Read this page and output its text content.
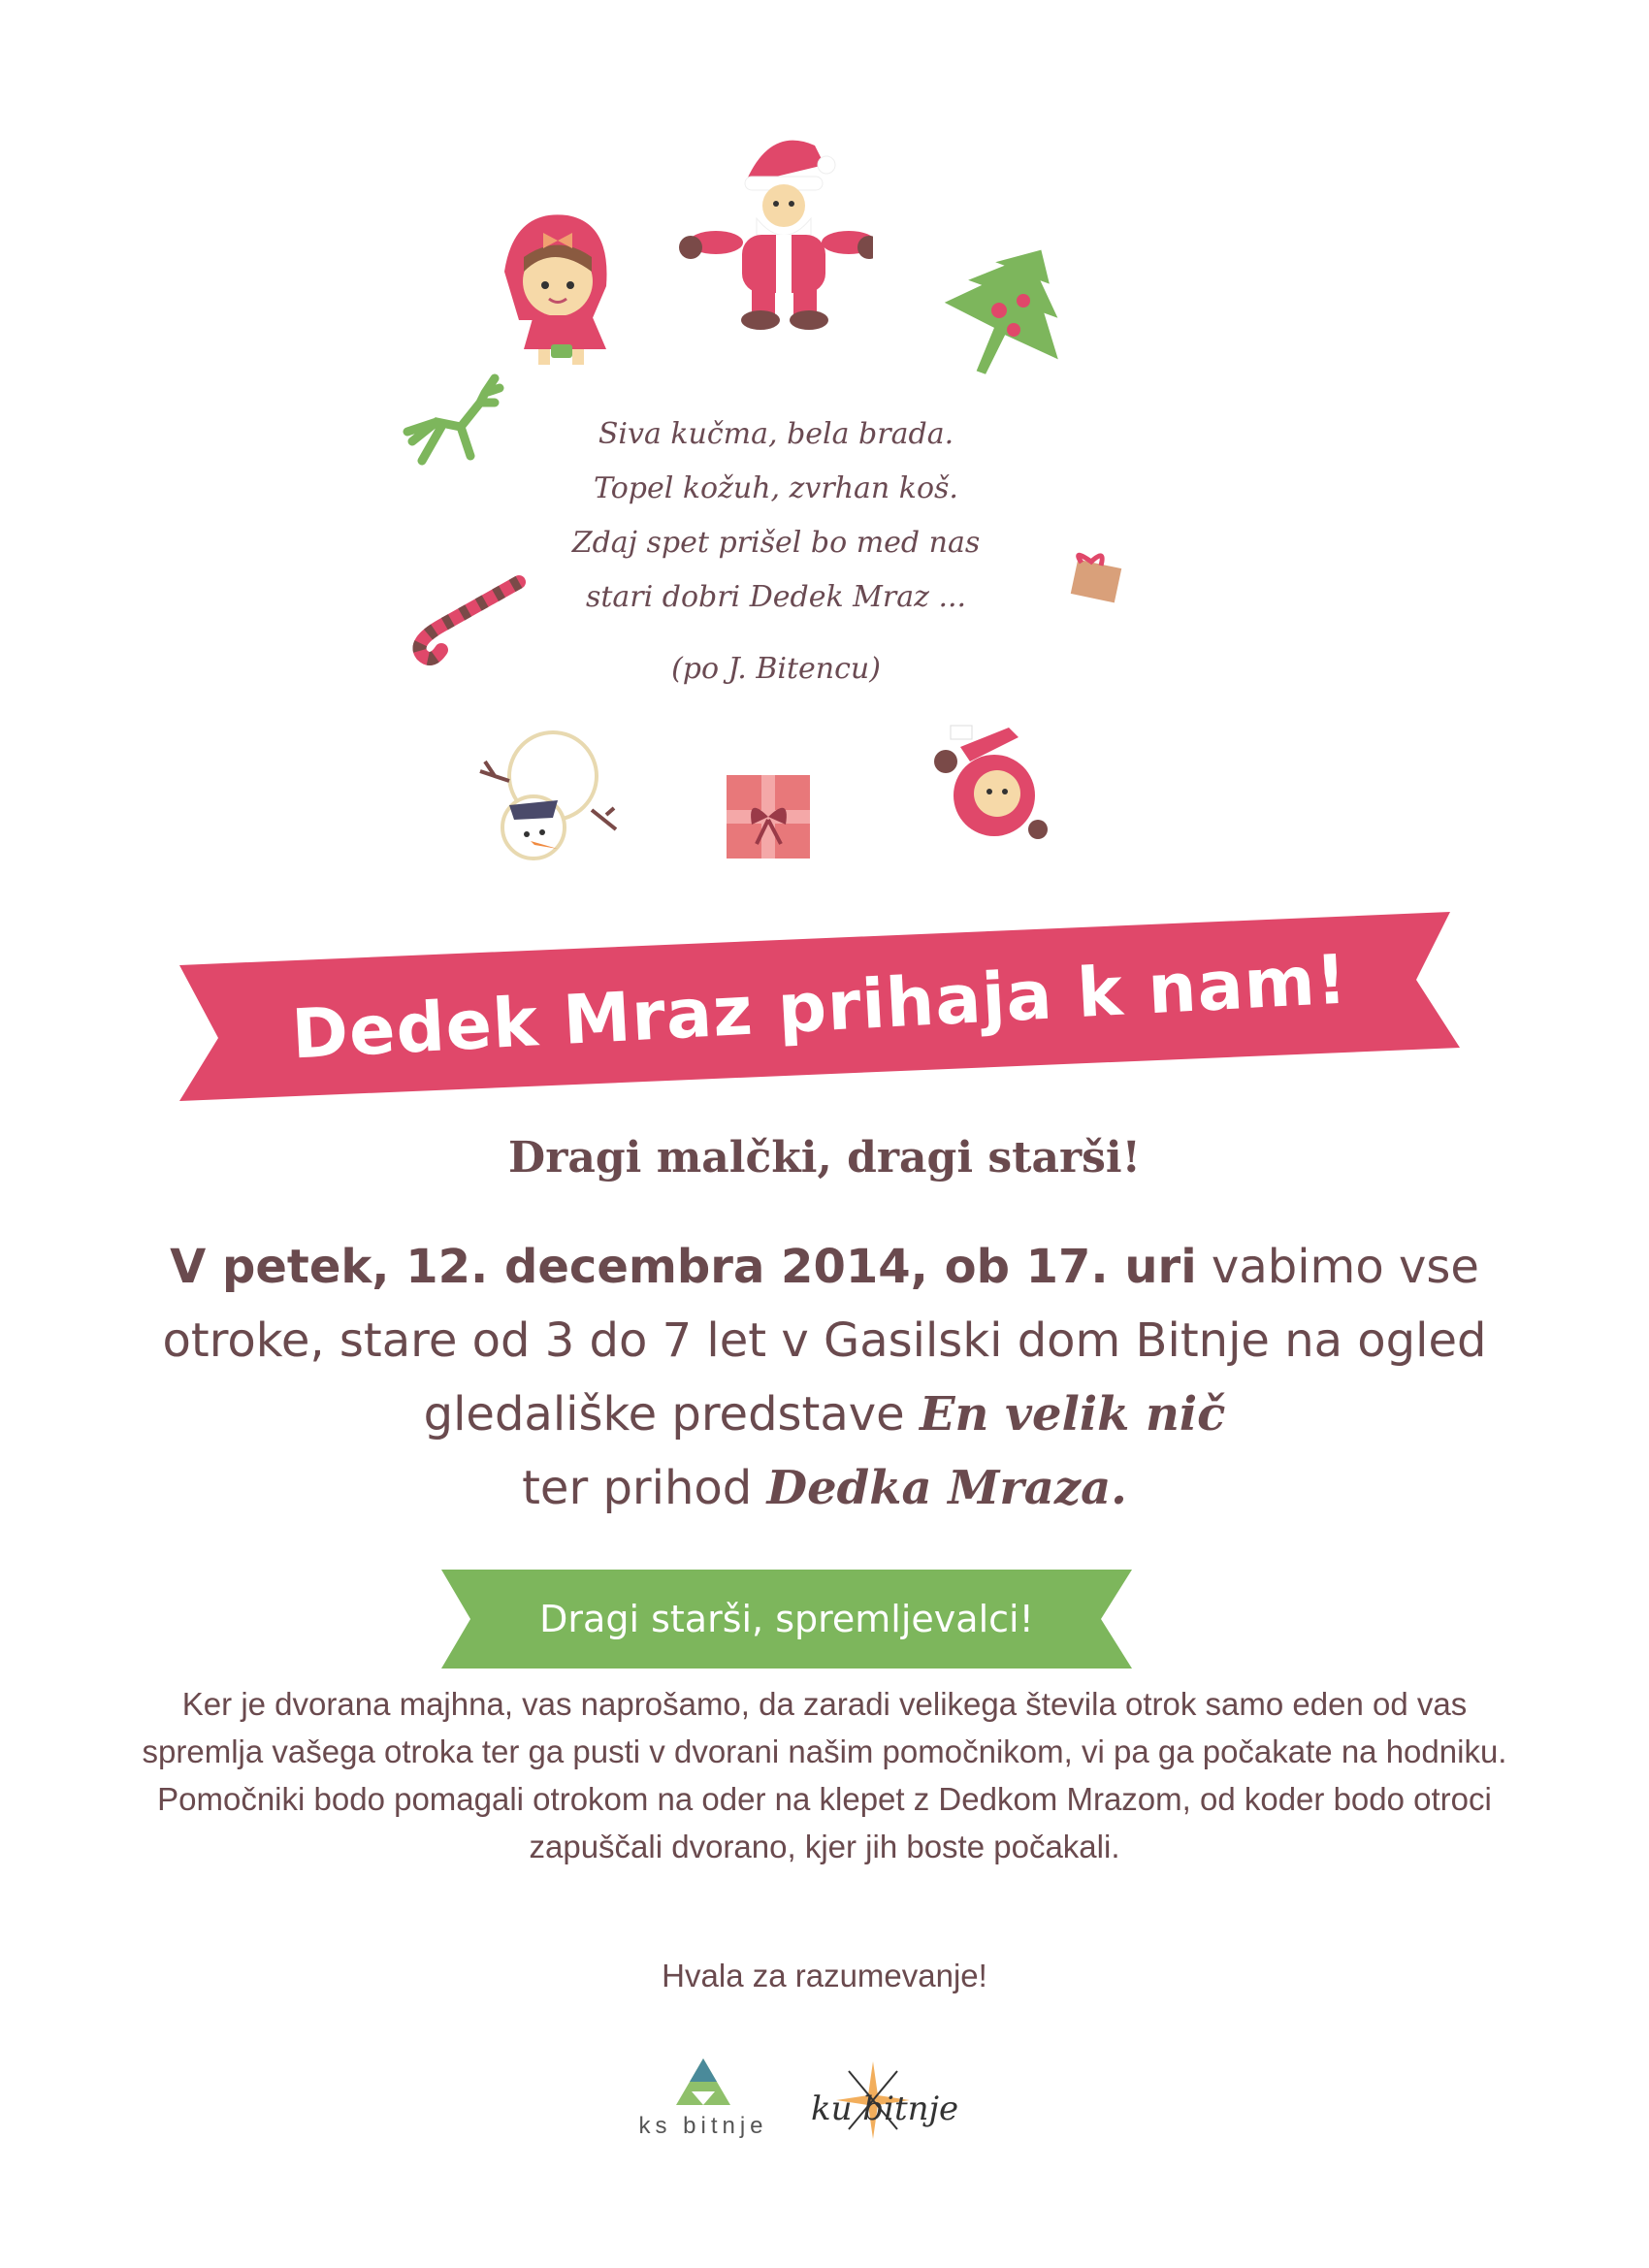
Siva kučma, bela brada.
Topel kožuh, zvrhan koš.
Zdaj spet prišel bo med nas
stari dobri Dedek Mraz ...
(po J. Bitencu)
Dedek Mraz prihaja k nam!
Dragi malčki, dragi starši!
V petek, 12. decembra 2014, ob 17. uri vabimo vse otroke, stare od 3 do 7 let v Gasilski dom Bitnje na ogled gledališke predstave En velik nič
ter prihod Dedka Mraza.
Dragi starši, spremljevalci!
Ker je dvorana majhna, vas naprošamo, da zaradi velikega števila otrok samo eden od vas spremlja vašega otroka ter ga pusti v dvorani našim pomočnikom, vi pa ga počakate na hodniku. Pomočniki bodo pomagali otrokom na oder na klepet z Dedkom Mrazom, od koder bodo otroci zapuščali dvorano, kjer jih boste počakali.
Hvala za razumevanje!
ks bitnje	ku bitnje
